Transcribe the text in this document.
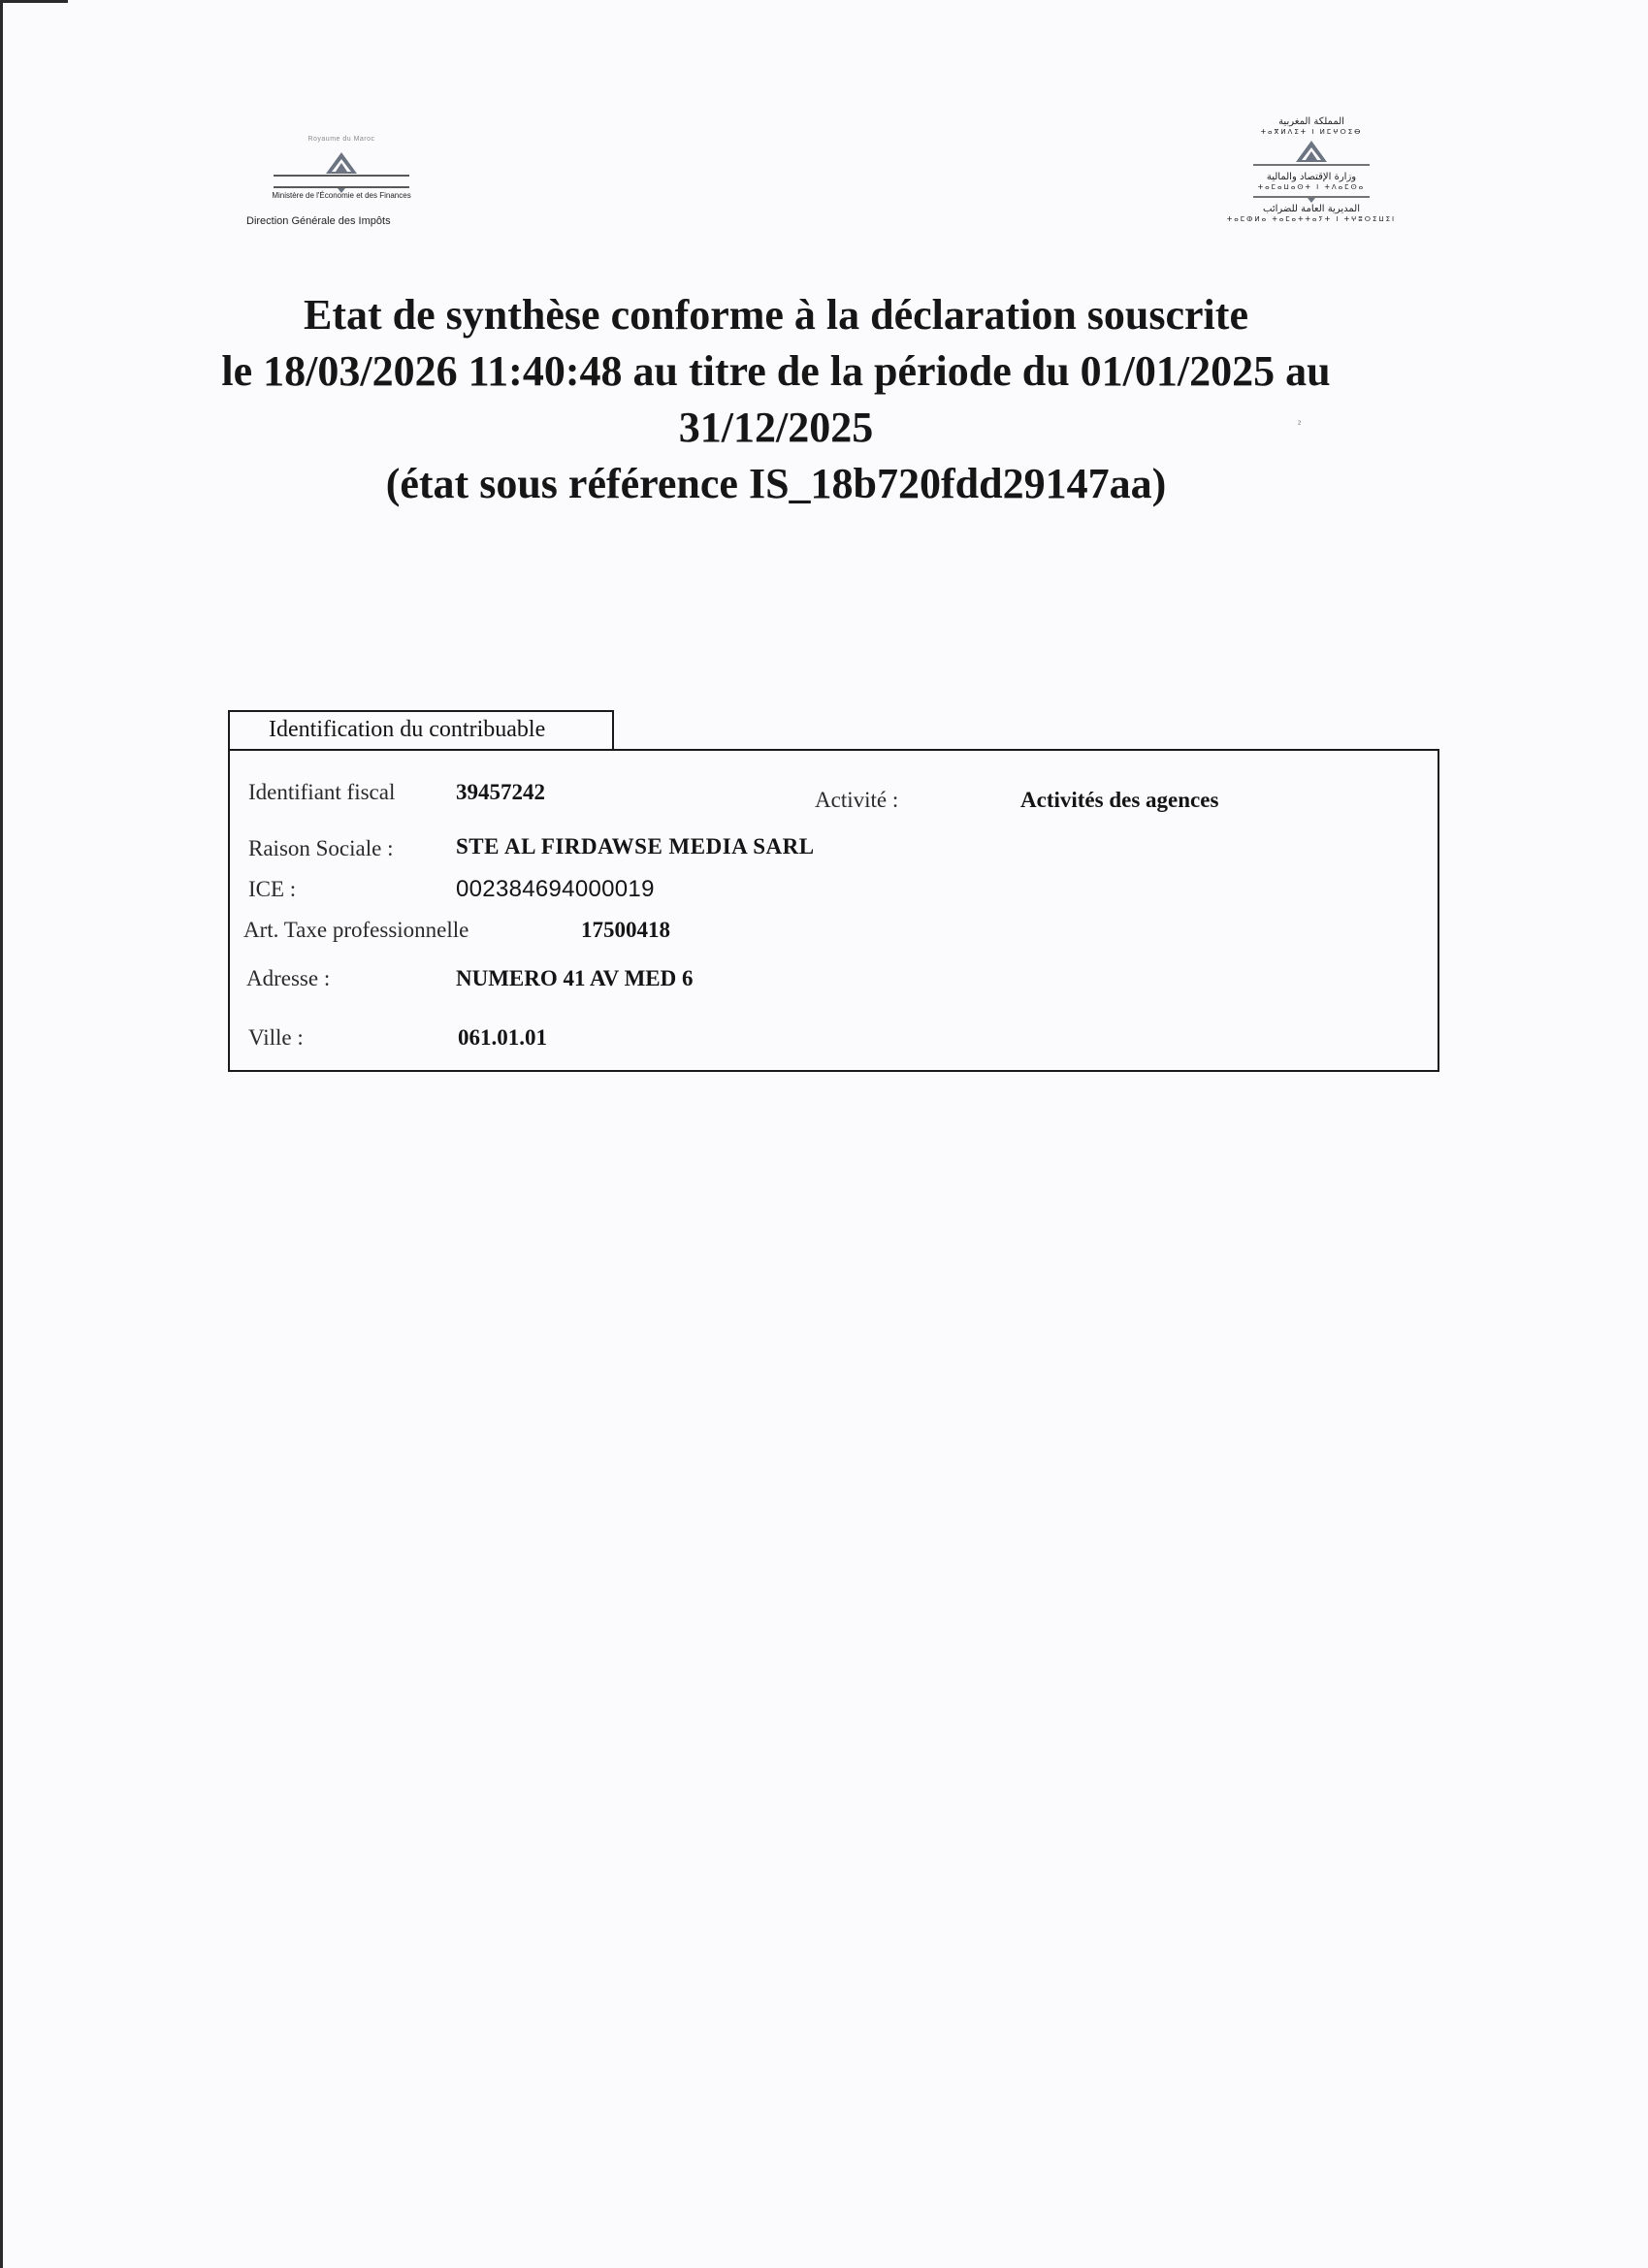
Royaume du Maroc
Ministère de l'Économie et des Finances
Direction Générale des Impôts
المملكة المغربية
ⵜⴰⴳⵍⴷⵉⵜ ⵏ ⵍⵎⵖⵔⵉⴱ
وزارة الإقتصاد والمالية
ⵜⴰⵎⴰⵡⴰⵙⵜ ⵏ ⵜⴷⴰⵎⵙⴰ
المديرية العامة للضرائب
ⵜⴰⵎⵀⵍⴰ ⵜⴰⵎⴰⵜⵜⴰⵢⵜ ⵏ ⵜⵖⵓⵔⵉⵡⵉⵏ
Etat de synthèse conforme à la déclaration souscrite
le 18/03/2026 11:40:48 au titre de la période du 01/01/2025 au
31/12/2025
(état sous référence IS_18b720fdd29147aa)
²
Identification du contribuable
Identifiant fiscal	39457242	Activité :	Activités des agences
Raison Sociale :	STE AL FIRDAWSE MEDIA SARL
ICE :	002384694000019
Art. Taxe professionnelle	17500418
Adresse :	NUMERO 41 AV MED 6
Ville :	061.01.01
